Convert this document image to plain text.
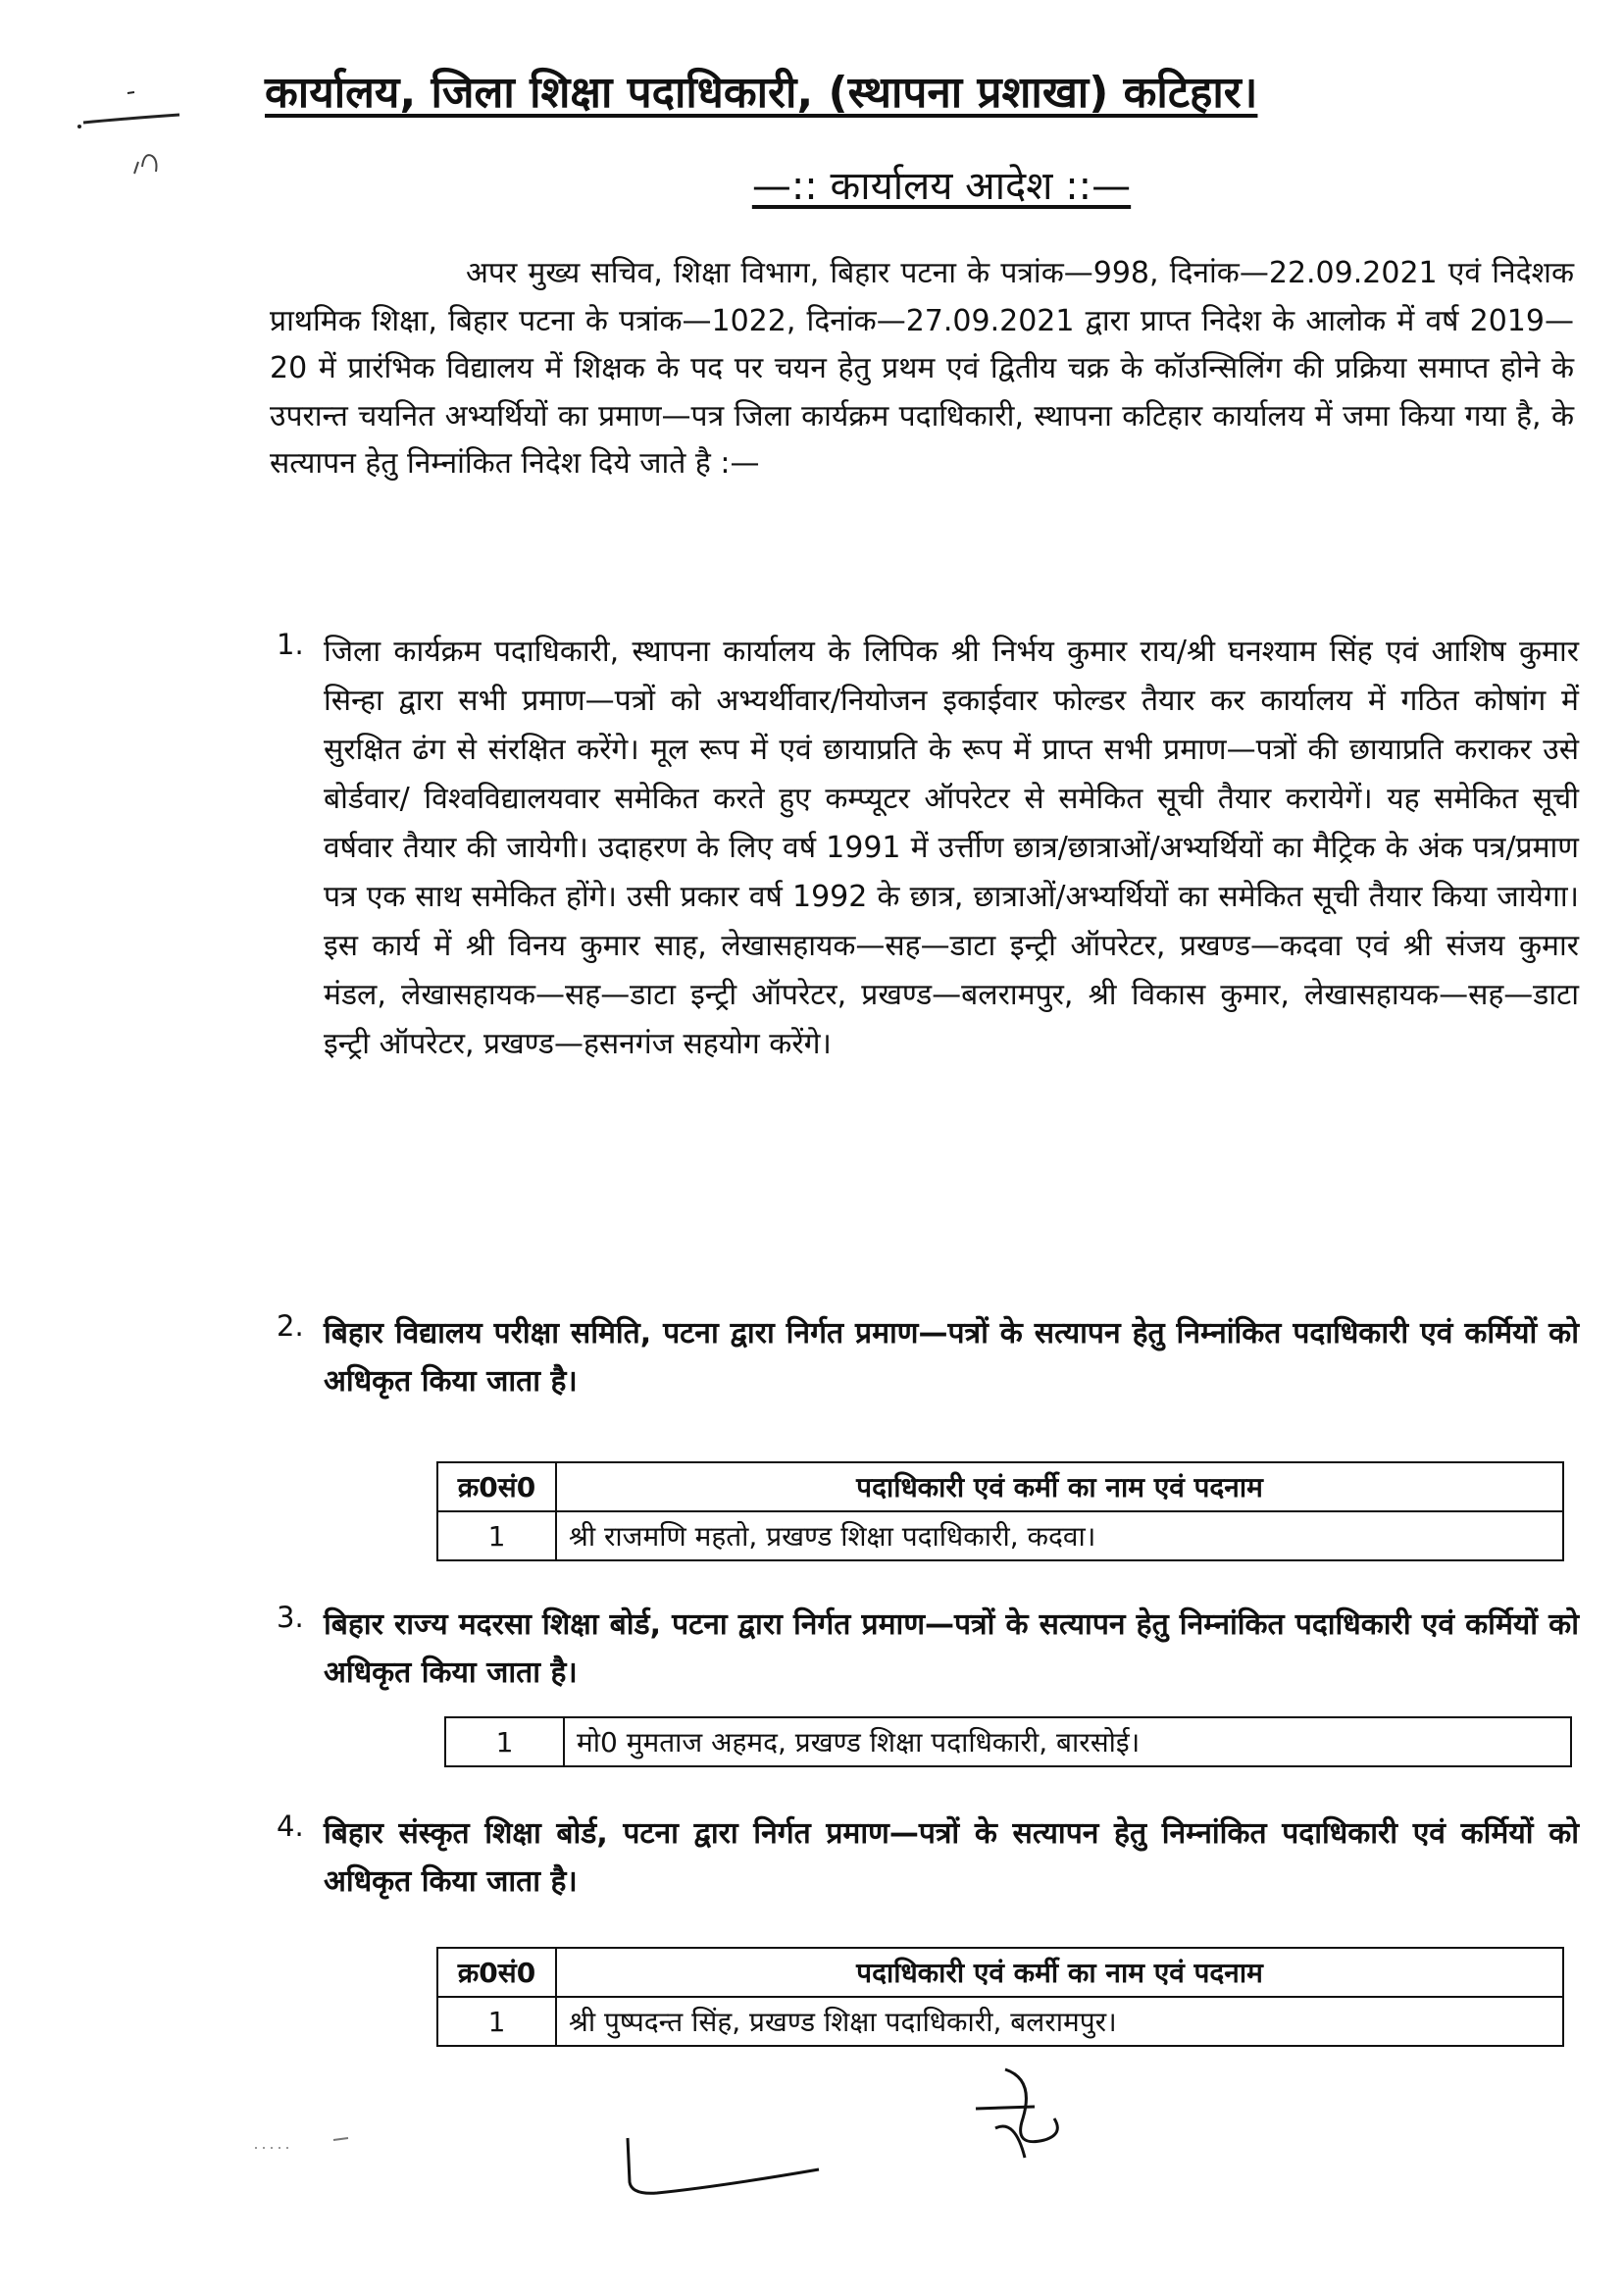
कार्यालय, जिला शिक्षा पदाधिकारी, (स्थापना प्रशाखा) कटिहार।
—:: कार्यालय आदेश ::—

अपर मुख्य सचिव, शिक्षा विभाग, बिहार पटना के पत्रांक—998, दिनांक—22.09.2021 एवं निदेशक प्राथमिक शिक्षा, बिहार पटना के पत्रांक—1022, दिनांक—27.09.2021 द्वारा प्राप्त निदेश के आलोक में वर्ष 2019—20 में प्रारंभिक विद्यालय में शिक्षक के पद पर चयन हेतु प्रथम एवं द्वितीय चक्र के कॉउन्सिलिंग की प्रक्रिया समाप्त होने के उपरान्त चयनित अभ्यर्थियों का प्रमाण—पत्र जिला कार्यक्रम पदाधिकारी, स्थापना कटिहार कार्यालय में जमा किया गया है, के सत्यापन हेतु निम्नांकित निदेश दिये जाते है :—

1. जिला कार्यक्रम पदाधिकारी, स्थापना कार्यालय के लिपिक श्री निर्भय कुमार राय/श्री घनश्याम सिंह एवं आशिष कुमार सिन्हा द्वारा सभी प्रमाण—पत्रों को अभ्यर्थीवार/नियोजन इकाईवार फोल्डर तैयार कर कार्यालय में गठित कोषांग में सुरक्षित ढंग से संरक्षित करेंगे। मूल रूप में एवं छायाप्रति के रूप में प्राप्त सभी प्रमाण—पत्रों की छायाप्रति कराकर उसे बोर्डवार/ विश्वविद्यालयवार समेकित करते हुए कम्प्यूटर ऑपरेटर से समेकित सूची तैयार करायेगें। यह समेकित सूची वर्षवार तैयार की जायेगी। उदाहरण के लिए वर्ष 1991 में उर्त्तीण छात्र/छात्राओं/अभ्यर्थियों का मैट्रिक के अंक पत्र/प्रमाण पत्र एक साथ समेकित होंगे। उसी प्रकार वर्ष 1992 के छात्र, छात्राओं/अभ्यर्थियों का समेकित सूची तैयार किया जायेगा। इस कार्य में श्री विनय कुमार साह, लेखासहायक—सह—डाटा इन्ट्री ऑपरेटर, प्रखण्ड—कदवा एवं श्री संजय कुमार मंडल, लेखासहायक—सह—डाटा इन्ट्री ऑपरेटर, प्रखण्ड—बलरामपुर, श्री विकास कुमार, लेखासहायक—सह—डाटा इन्ट्री ऑपरेटर, प्रखण्ड—हसनगंज सहयोग करेंगे।

2. बिहार विद्यालय परीक्षा समिति, पटना द्वारा निर्गत प्रमाण—पत्रों के सत्यापन हेतु निम्नांकित पदाधिकारी एवं कर्मियों को अधिकृत किया जाता है।

क्र0सं0	पदाधिकारी एवं कर्मी का नाम एवं पदनाम
1	श्री राजमणि महतो, प्रखण्ड शिक्षा पदाधिकारी, कदवा।
3. बिहार राज्य मदरसा शिक्षा बोर्ड, पटना द्वारा निर्गत प्रमाण—पत्रों के सत्यापन हेतु निम्नांकित पदाधिकारी एवं कर्मियों को अधिकृत किया जाता है।

1	मो0 मुमताज अहमद, प्रखण्ड शिक्षा पदाधिकारी, बारसोई।
4. बिहार संस्कृत शिक्षा बोर्ड, पटना द्वारा निर्गत प्रमाण—पत्रों के सत्यापन हेतु निम्नांकित पदाधिकारी एवं कर्मियों को अधिकृत किया जाता है।

क्र0सं0	पदाधिकारी एवं कर्मी का नाम एवं पदनाम
1	श्री पुष्पदन्त सिंह, प्रखण्ड शिक्षा पदाधिकारी, बलरामपुर।
